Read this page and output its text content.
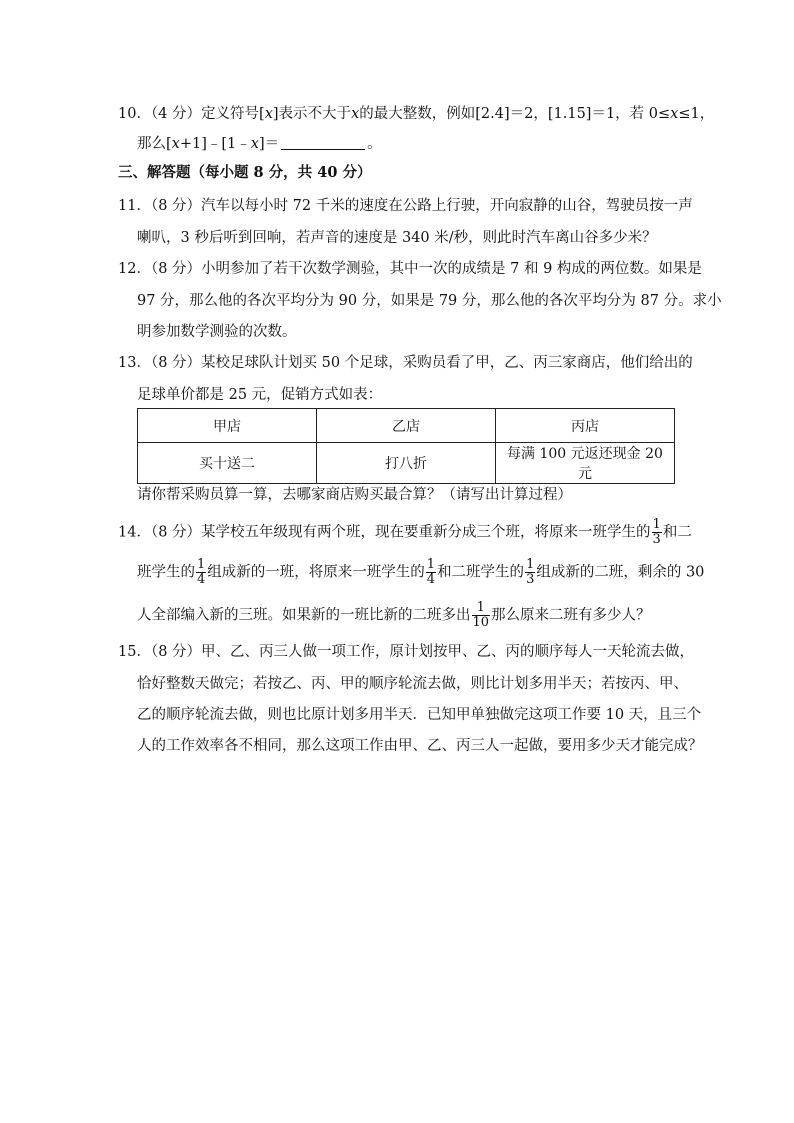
10．（4 分）定义符号[x]表示不大于x的最大整数，例如[2.4]＝2，[1.15]＝1，若 0≤x≤1，
那么[x+1]﹣[1﹣x]＝	。
三、解答题（每小题 8 分，共 40 分）
11．（8 分）汽车以每小时 72 千米的速度在公路上行驶，开向寂静的山谷，驾驶员按一声
喇叭，3 秒后听到回响，若声音的速度是 340 米/秒，则此时汽车离山谷多少米？
12．（8 分）小明参加了若干次数学测验，其中一次的成绩是 7 和 9 构成的两位数。如果是
97 分，那么他的各次平均分为 90 分，如果是 79 分，那么他的各次平均分为 87 分。求小
明参加数学测验的次数。
13．（8 分）某校足球队计划买 50 个足球，采购员看了甲，乙、丙三家商店，他们给出的
足球单价都是 25 元，促销方式如表：
甲店	乙店	丙店
买十送二	打八折	每满 100 元返还现金 20 元
请你帮采购员算一算，去哪家商店购买最合算？（请写出计算过程）
14．（8 分）某学校五年级现有两个班，现在要重新分成三个班，将原来一班学生的 $\frac{1}{3}$ 和二
班学生的 $\frac{1}{4}$ 组成新的一班，将原来一班学生的 $\frac{1}{4}$ 和二班学生的 $\frac{1}{3}$ 组成新的二班，剩余的 30
人全部编入新的三班。如果新的一班比新的二班多出 $\frac{1}{10}$ 那么原来二班有多少人？
15．（8 分）甲、乙、丙三人做一项工作，原计划按甲、乙、丙的顺序每人一天轮流去做，
恰好整数天做完；若按乙、丙、甲的顺序轮流去做，则比计划多用半天；若按丙、甲、
乙的顺序轮流去做，则也比原计划多用半天．已知甲单独做完这项工作要 10 天，且三个
人的工作效率各不相同，那么这项工作由甲、乙、丙三人一起做，要用多少天才能完成？
